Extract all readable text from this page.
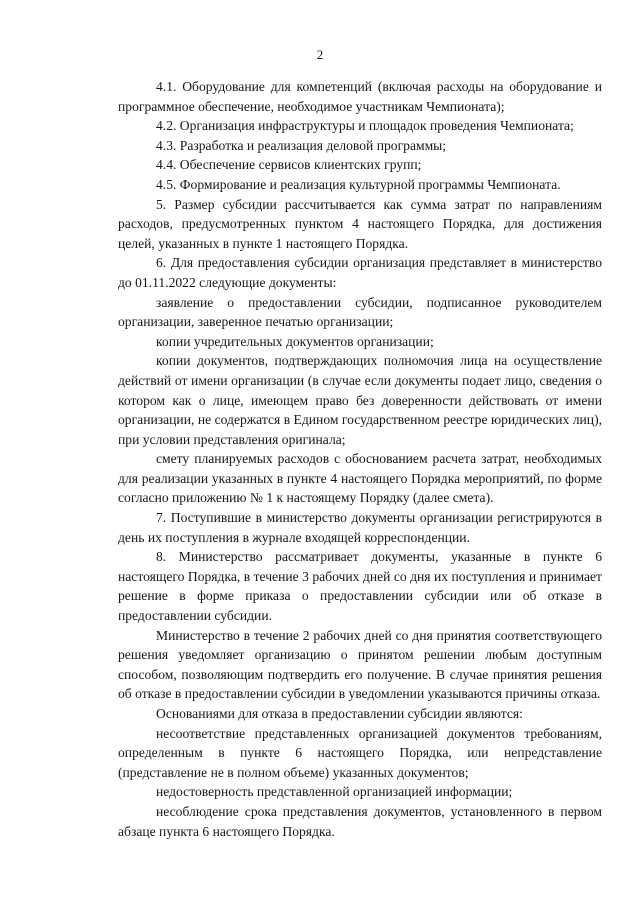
2

4.1. Оборудование для компетенций (включая расходы на оборудование и программное обеспечение, необходимое участникам Чемпионата);

4.2. Организация инфраструктуры и площадок проведения Чемпионата;

4.3. Разработка и реализация деловой программы;

4.4. Обеспечение сервисов клиентских групп;

4.5. Формирование и реализация культурной программы Чемпионата.

5. Размер субсидии рассчитывается как сумма затрат по направлениям расходов, предусмотренных пунктом 4 настоящего Порядка, для достижения целей, указанных в пункте 1 настоящего Порядка.

6. Для предоставления субсидии организация представляет в министерство до 01.11.2022 следующие документы:

заявление о предоставлении субсидии, подписанное руководителем организации, заверенное печатью организации;

копии учредительных документов организации;

копии документов, подтверждающих полномочия лица на осуществление действий от имени организации (в случае если документы подает лицо, сведения о котором как о лице, имеющем право без доверенности действовать от имени организации, не содержатся в Едином государственном реестре юридических лиц), при условии представления оригинала;

смету планируемых расходов с обоснованием расчета затрат, необходимых для реализации указанных в пункте 4 настоящего Порядка мероприятий, по форме согласно приложению № 1 к настоящему Порядку (далее смета).

7. Поступившие в министерство документы организации регистрируются в день их поступления в журнале входящей корреспонденции.

8. Министерство рассматривает документы, указанные в пункте 6 настоящего Порядка, в течение 3 рабочих дней со дня их поступления и принимает решение в форме приказа о предоставлении субсидии или об отказе в предоставлении субсидии.

Министерство в течение 2 рабочих дней со дня принятия соответствующего решения уведомляет организацию о принятом решении любым доступным способом, позволяющим подтвердить его получение. В случае принятия решения об отказе в предоставлении субсидии в уведомлении указываются причины отказа.

Основаниями для отказа в предоставлении субсидии являются:

несоответствие представленных организацией документов требованиям, определенным в пункте 6 настоящего Порядка, или непредставление (представление не в полном объеме) указанных документов;

недостоверность представленной организацией информации;

несоблюдение срока представления документов, установленного в первом абзаце пункта 6 настоящего Порядка.
